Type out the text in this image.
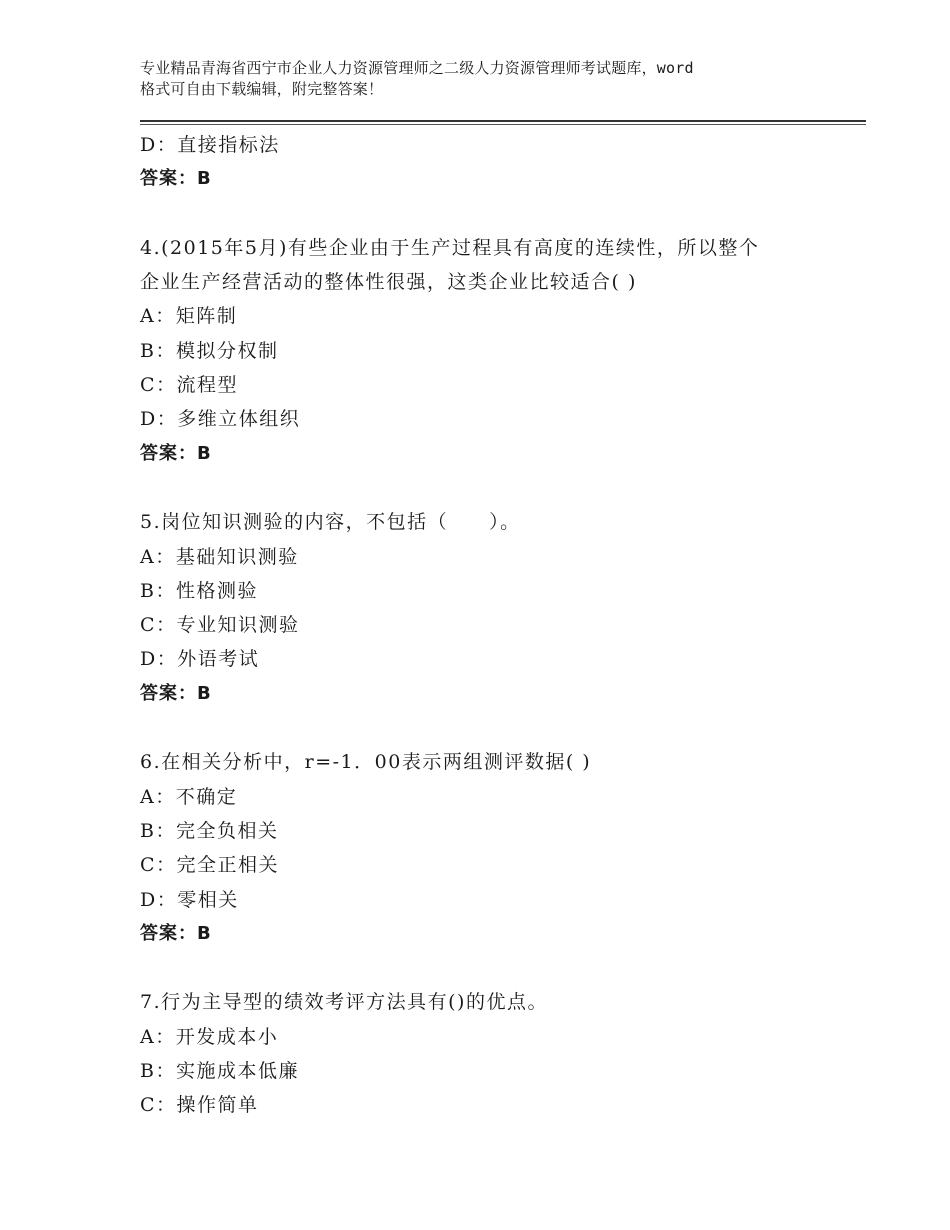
专业精品青海省西宁市企业人力资源管理师之二级人力资源管理师考试题库，word
格式可自由下载编辑，附完整答案！
D：直接指标法
答案：B
4.(2015年5月)有些企业由于生产过程具有高度的连续性，所以整个
企业生产经营活动的整体性很强，这类企业比较适合( )
A：矩阵制
B：模拟分权制
C：流程型
D：多维立体组织
答案：B
5.岗位知识测验的内容，不包括（　　）。
A：基础知识测验
B：性格测验
C：专业知识测验
D：外语考试
答案：B
6.在相关分析中，r=-1．00表示两组测评数据( )
A：不确定
B：完全负相关
C：完全正相关
D：零相关
答案：B
7.行为主导型的绩效考评方法具有()的优点。
A：开发成本小
B：实施成本低廉
C：操作简单
